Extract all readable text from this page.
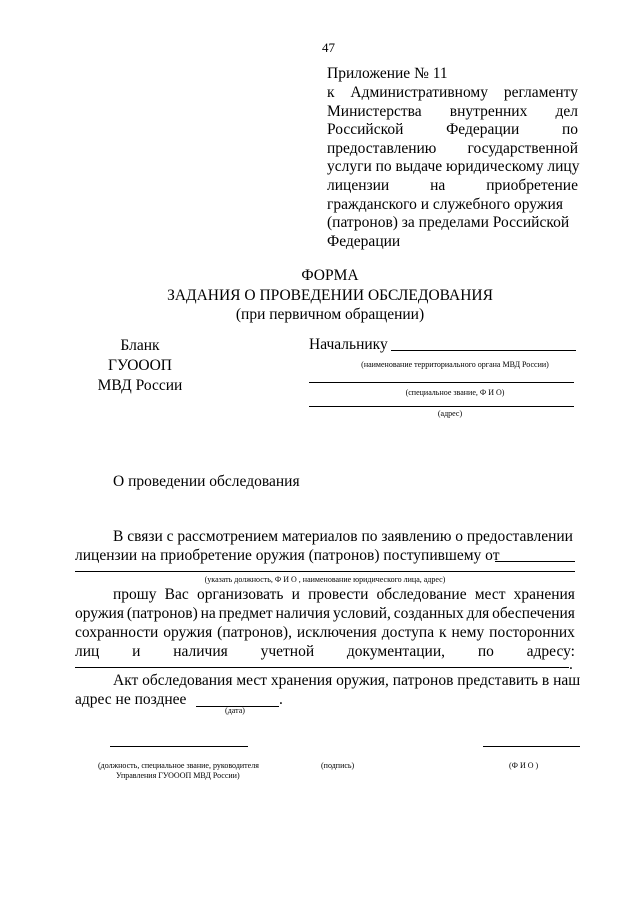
47
Приложение № 11
к Административному регламенту
Министерства внутренних дел
Российской	Федерации	по
предоставлению государственной
услуги по выдаче юридическому лицу
лицензии	на	приобретение
гражданского и служебного оружия
(патронов) за пределами Российской
Федерации
ФОРМА
ЗАДАНИЯ О ПРОВЕДЕНИИ ОБСЛЕДОВАНИЯ
(при первичном обращении)
Бланк
ГУОООП
МВД России
Начальнику
(наименование территориального органа МВД России)
(специальное звание, Ф И О)
(адрес)
О проведении обследования
В связи с рассмотрением материалов по заявлению о предоставлении
лицензии на приобретение оружия (патронов) поступившему от
(указать должность, Ф И О , наименование юридического лица, адрес)
прошу Вас организовать и провести обследование мест хранения
оружия (патронов) на предмет наличия условий, созданных для обеспечения
сохранности оружия (патронов), исключения доступа к нему посторонних
лиц и наличия учетной документации, по адресу:
.
Акт обследования мест хранения оружия, патронов представить в наш
адрес не позднее	.
(дата)
(должность, специальное звание, руководителя
Управления ГУОООП МВД России)
(подпись)	(Ф И О )
